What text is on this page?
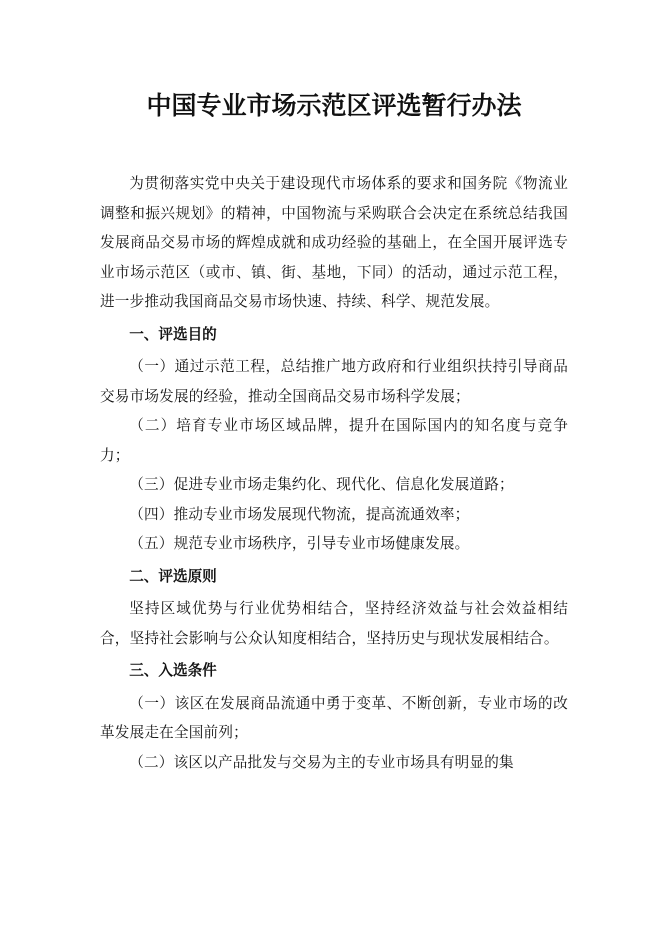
中国专业市场示范区评选暂行办法

为贯彻落实党中央关于建设现代市场体系的要求和国务院《物流业调整和振兴规划》的精神，中国物流与采购联合会决定在系统总结我国发展商品交易市场的辉煌成就和成功经验的基础上，在全国开展评选专业市场示范区（或市、镇、街、基地，下同）的活动，通过示范工程，进一步推动我国商品交易市场快速、持续、科学、规范发展。

一、评选目的

（一）通过示范工程，总结推广地方政府和行业组织扶持引导商品交易市场发展的经验，推动全国商品交易市场科学发展；

（二）培育专业市场区域品牌，提升在国际国内的知名度与竞争力；

（三）促进专业市场走集约化、现代化、信息化发展道路；

（四）推动专业市场发展现代物流，提高流通效率；

（五）规范专业市场秩序，引导专业市场健康发展。

二、评选原则

坚持区域优势与行业优势相结合，坚持经济效益与社会效益相结合，坚持社会影响与公众认知度相结合，坚持历史与现状发展相结合。

三、入选条件

（一）该区在发展商品流通中勇于变革、不断创新，专业市场的改革发展走在全国前列；

（二）该区以产品批发与交易为主的专业市场具有明显的集
